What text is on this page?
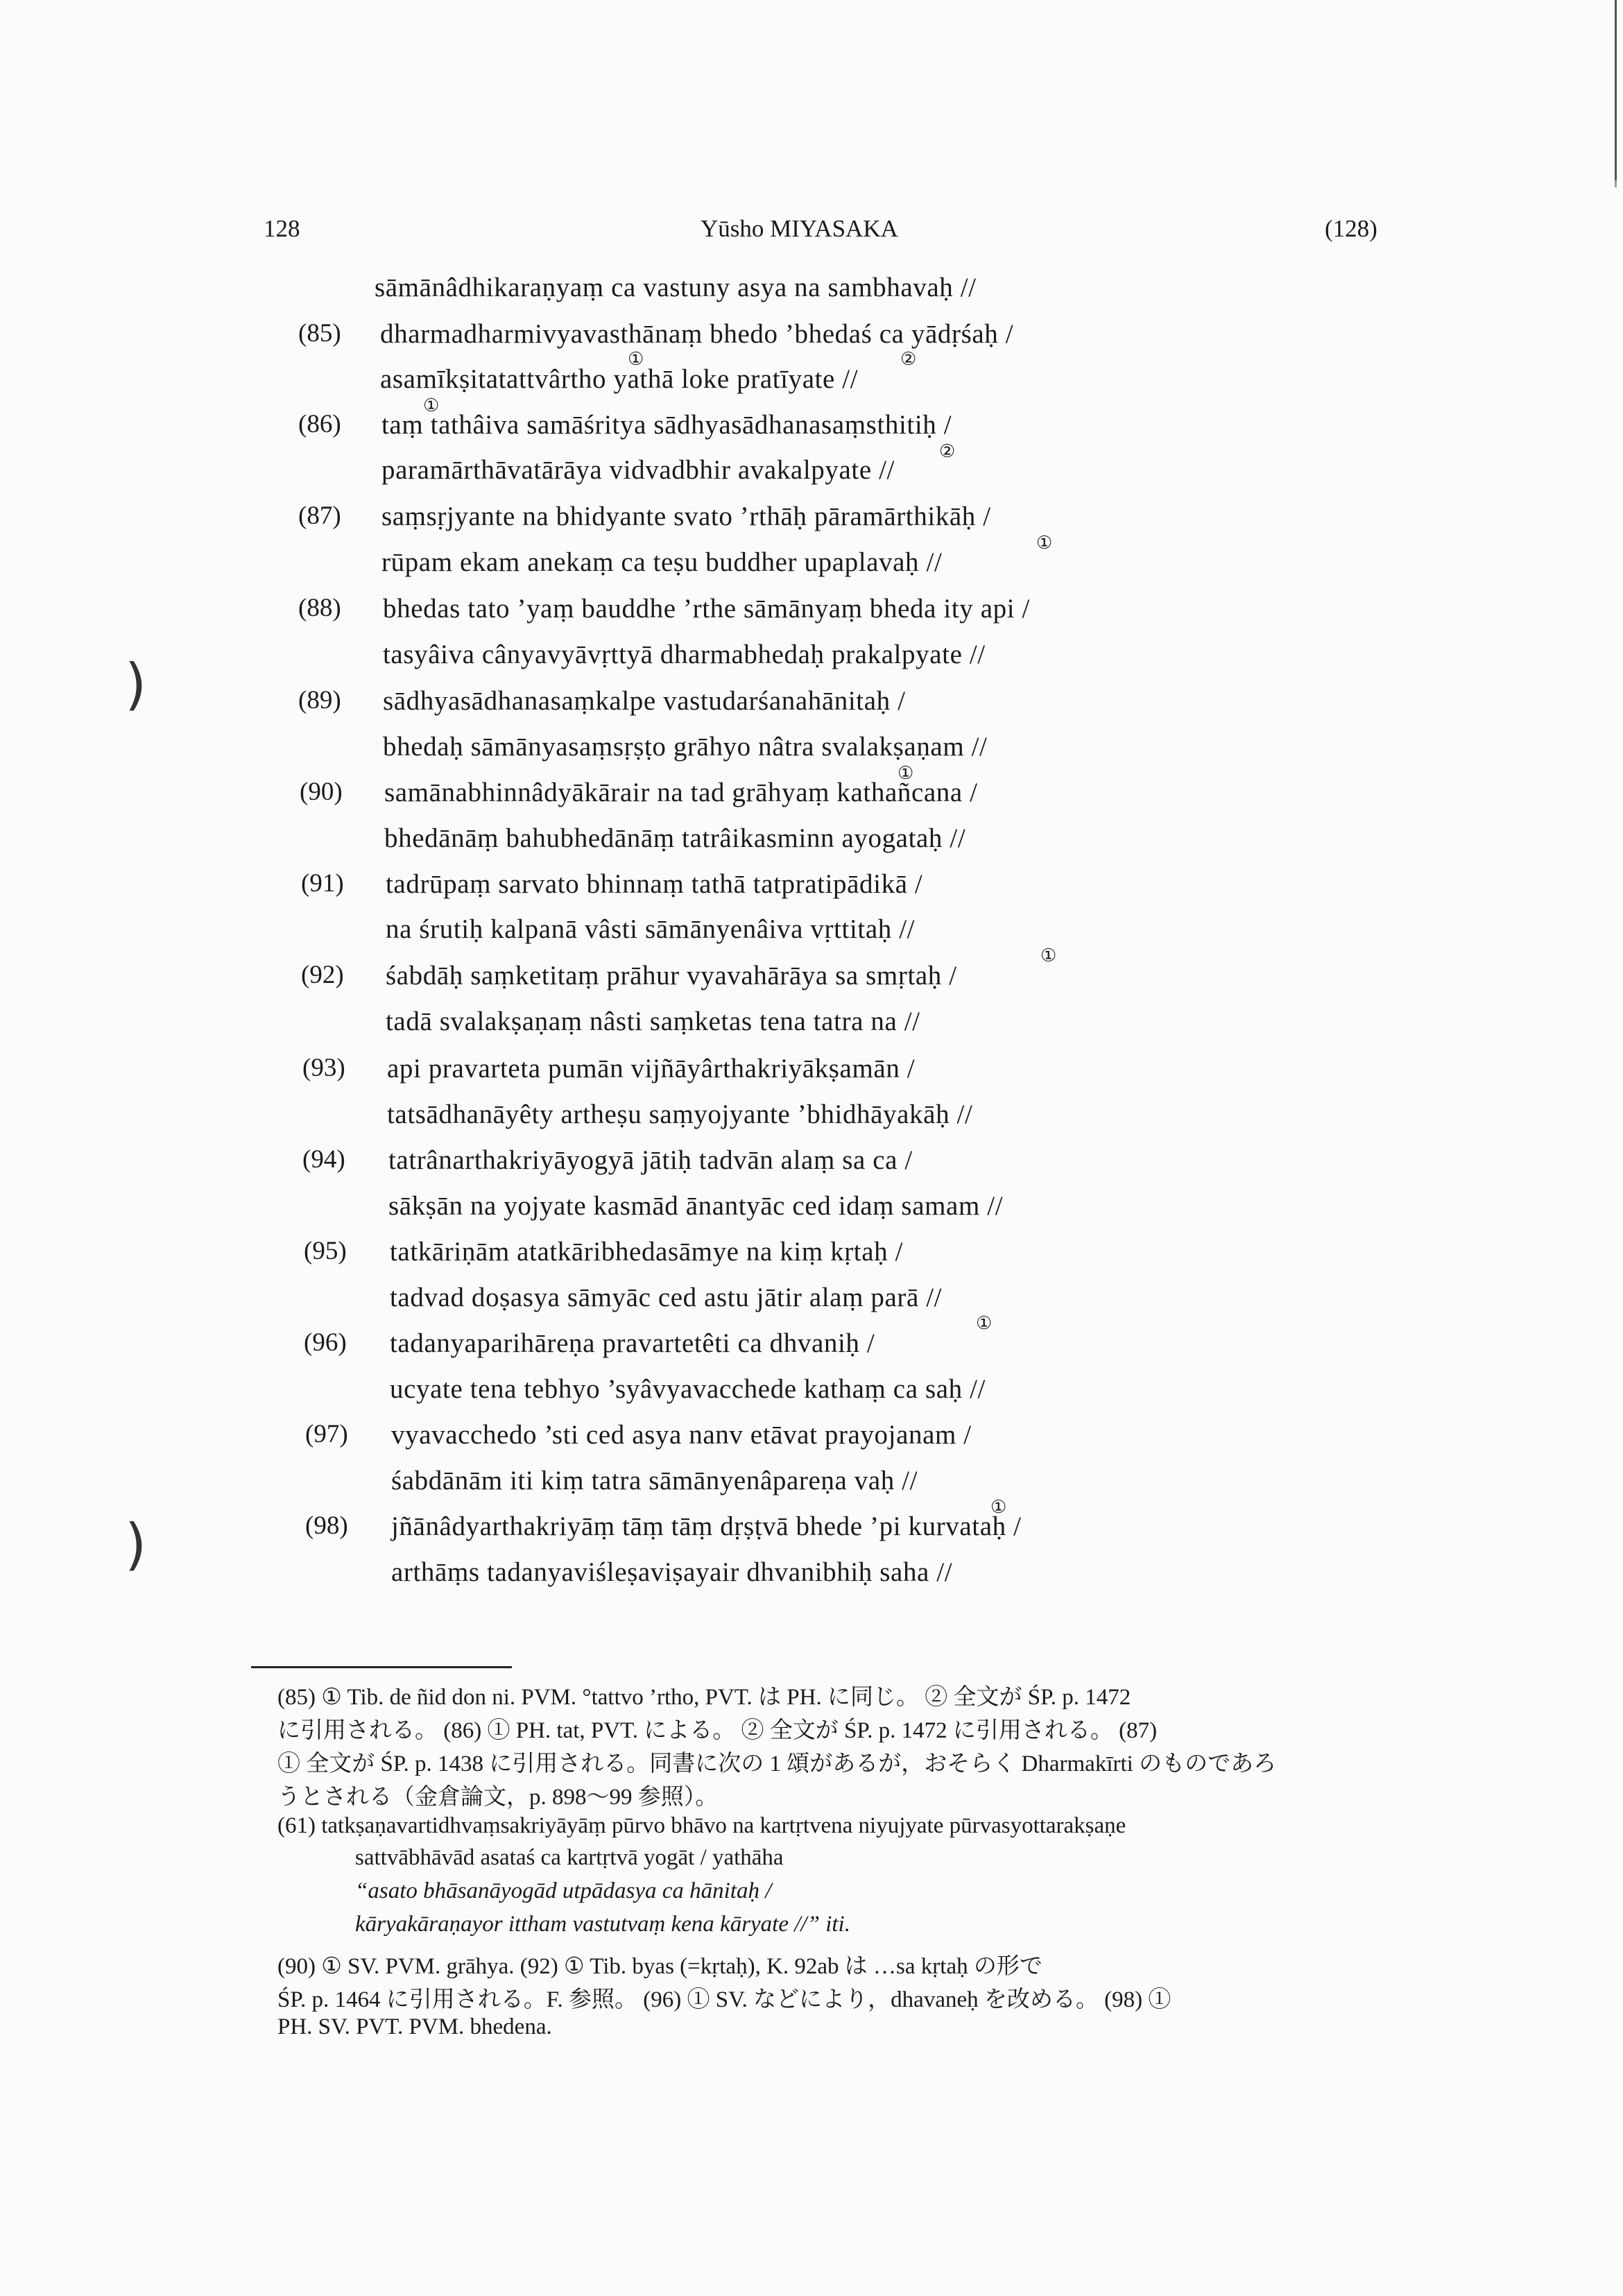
)
)
128	Yūsho MIYASAKA	(128)
sāmānâdhikaraṇyaṃ ca vastuny asya na sambhavaḥ //
(85) dharmadharmivyavasthānaṃ bhedo ’bhedaś ca yādṛśaḥ /
asamīkṣitatattvârtho yathā loke pratīyate //
(86) taṃ tathâiva samāśritya sādhyasādhanasaṃsthitiḥ /
paramārthāvatārāya vidvadbhir avakalpyate //
(87) saṃsṛjyante na bhidyante svato ’rthāḥ pāramārthikāḥ /
rūpam ekam anekaṃ ca teṣu buddher upaplavaḥ //
(88) bhedas tato ’yaṃ bauddhe ’rthe sāmānyaṃ bheda ity api /
tasyâiva cânyavyāvṛttyā dharmabhedaḥ prakalpyate //
(89) sādhyasādhanasaṃkalpe vastudarśanahānitaḥ /
bhedaḥ sāmānyasaṃsṛṣṭo grāhyo nâtra svalakṣaṇam //
(90) samānabhinnâdyākārair na tad grāhyaṃ kathañcana /
bhedānāṃ bahubhedānāṃ tatrâikasminn ayogataḥ //
(91) tadrūpaṃ sarvato bhinnaṃ tathā tatpratipādikā /
na śrutiḥ kalpanā vâsti sāmānyenâiva vṛttitaḥ //
(92) śabdāḥ saṃketitaṃ prāhur vyavahārāya sa smṛtaḥ /
tadā svalakṣaṇaṃ nâsti saṃketas tena tatra na //
(93) api pravarteta pumān vijñāyârthakriyākṣamān /
tatsādhanāyêty artheṣu saṃyojyante ’bhidhāyakāḥ //
(94) tatrânarthakriyāyogyā jātiḥ tadvān alaṃ sa ca /
sākṣān na yojyate kasmād ānantyāc ced idaṃ samam //
(95) tatkāriṇām atatkāribhedasāmye na kiṃ kṛtaḥ /
tadvad doṣasya sāmyāc ced astu jātir alaṃ parā //
(96) tadanyaparihāreṇa pravartetêti ca dhvaniḥ /
ucyate tena tebhyo ’syâvyavacchede kathaṃ ca saḥ //
(97) vyavacchedo ’sti ced asya nanv etāvat prayojanam /
śabdānām iti kiṃ tatra sāmānyenâpareṇa vaḥ //
(98) jñānâdyarthakriyāṃ tāṃ tāṃ dṛṣṭvā bhede ’pi kurvataḥ /
arthāṃs tadanyaviśleṣaviṣayair dhvanibhiḥ saha //
①	②
①
②
①
①
①
①
①
(85) ① Tib. de ñid don ni. PVM. °tattvo ’rtho, PVT. は PH. に同じ。 ② 全文が ŚP. p. 1472
に引用される。 (86) ① PH. tat, PVT. による。 ② 全文が ŚP. p. 1472 に引用される。 (87)
① 全文が ŚP. p. 1438 に引用される。同書に次の 1 頌があるが，おそらく Dharmakīrti のものであろ
うとされる（金倉論文，p. 898～99 参照）。
(61) tatkṣaṇavartidhvaṃsakriyāyāṃ pūrvo bhāvo na kartṛtvena niyujyate pūrvasyottarakṣaṇe
sattvābhāvād asataś ca kartṛtvā yogāt / yathāha
“asato bhāsanāyogād utpādasya ca hānitaḥ /
kāryakāraṇayor ittham vastutvaṃ kena kāryate //” iti.
(90) ① SV. PVM. grāhya. (92) ① Tib. byas (=kṛtaḥ), K. 92ab は …sa kṛtaḥ の形で
ŚP. p. 1464 に引用される。F. 参照。 (96) ① SV. などにより，dhavaneḥ を改める。 (98) ①
PH. SV. PVT. PVM. bhedena.
